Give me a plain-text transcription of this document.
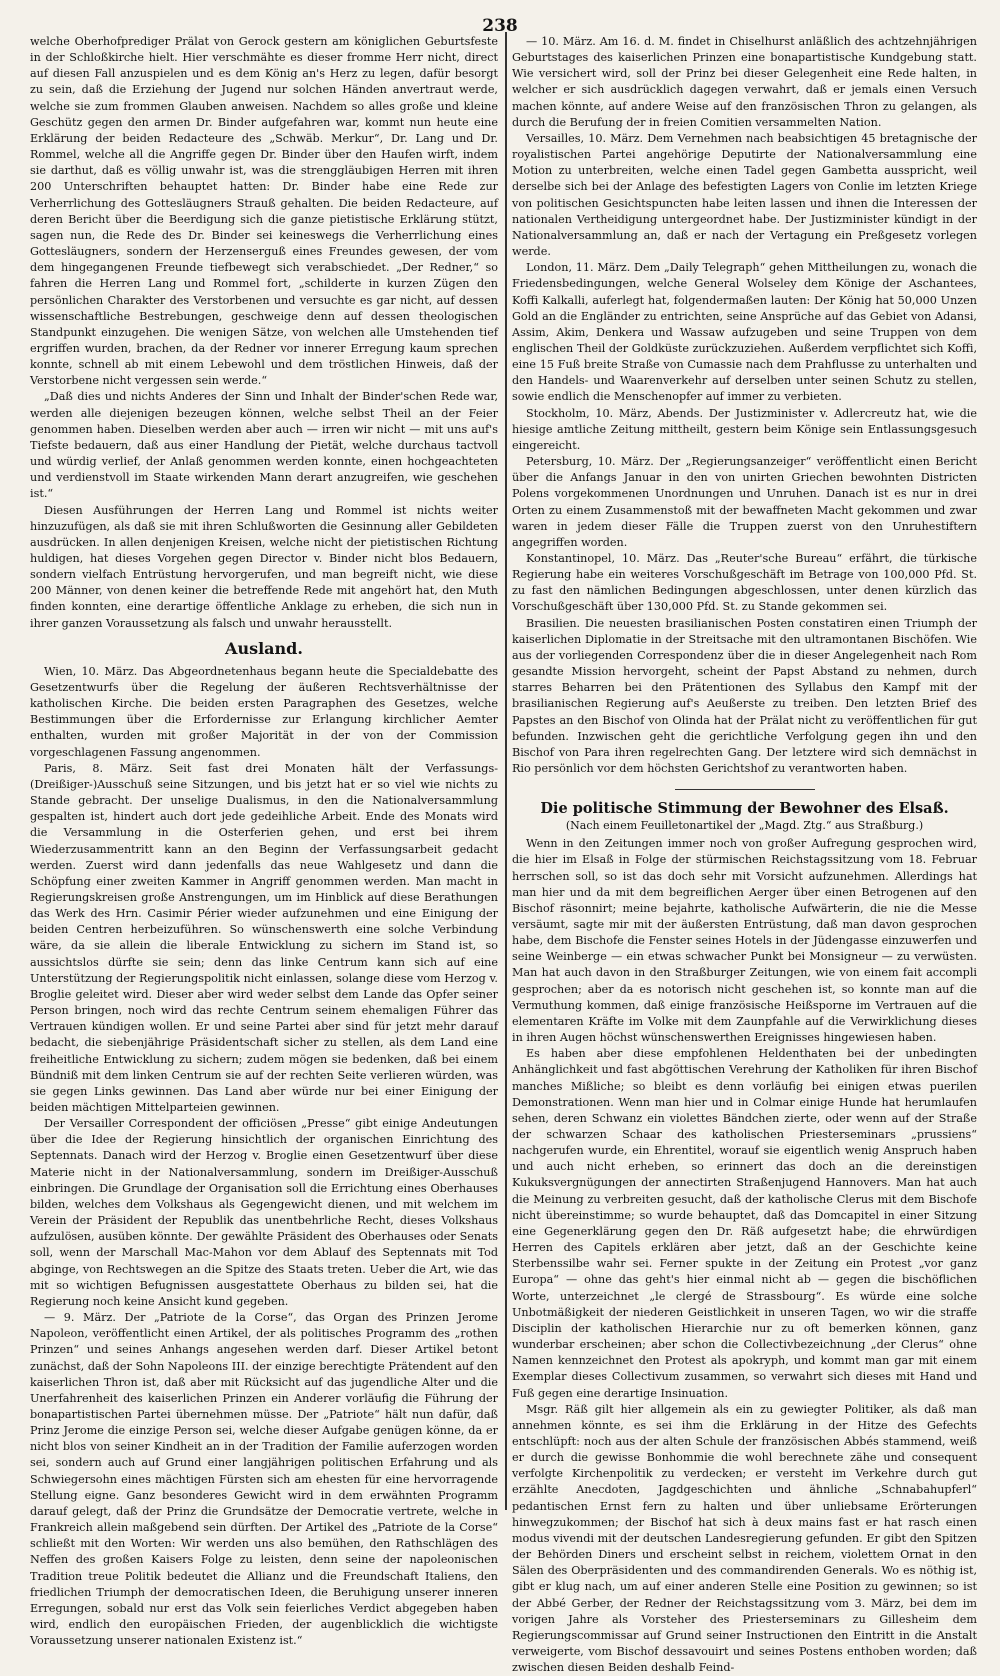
238

welche Oberhofprediger Prälat von Gerock gestern am königlichen Geburtsfeste in der Schloßkirche hielt. Hier verschmähte es dieser fromme Herr nicht, direct auf diesen Fall anzuspielen und es dem König an's Herz zu legen, dafür besorgt zu sein, daß die Erziehung der Jugend nur solchen Händen anvertraut werde, welche sie zum frommen Glauben anweisen. Nachdem so alles große und kleine Geschütz gegen den armen Dr. Binder aufgefahren war, kommt nun heute eine Erklärung der beiden Redacteure des „Schwäb. Merkur“, Dr. Lang und Dr. Rommel, welche all die Angriffe gegen Dr. Binder über den Haufen wirft, indem sie darthut, daß es völlig unwahr ist, was die strenggläubigen Herren mit ihren 200 Unterschriften behauptet hatten: Dr. Binder habe eine Rede zur Verherrlichung des Gottesläugners Strauß gehalten. Die beiden Redacteure, auf deren Bericht über die Beerdigung sich die ganze pietistische Erklärung stützt, sagen nun, die Rede des Dr. Binder sei keineswegs die Verherrlichung eines Gottesläugners, sondern der Herzenserguß eines Freundes gewesen, der vom dem hingegangenen Freunde tiefbewegt sich verabschiedet. „Der Redner,“ so fahren die Herren Lang und Rommel fort, „schilderte in kurzen Zügen den persönlichen Charakter des Verstorbenen und versuchte es gar nicht, auf dessen wissenschaftliche Bestrebungen, geschweige denn auf dessen theologischen Standpunkt einzugehen. Die wenigen Sätze, von welchen alle Umstehenden tief ergriffen wurden, brachen, da der Redner vor innerer Erregung kaum sprechen konnte, schnell ab mit einem Lebewohl und dem tröstlichen Hinweis, daß der Verstorbene nicht vergessen sein werde.“

„Daß dies und nichts Anderes der Sinn und Inhalt der Binder'schen Rede war, werden alle diejenigen bezeugen können, welche selbst Theil an der Feier genommen haben. Dieselben werden aber auch — irren wir nicht — mit uns auf's Tiefste bedauern, daß aus einer Handlung der Pietät, welche durchaus tactvoll und würdig verlief, der Anlaß genommen werden konnte, einen hochgeachteten und verdienstvoll im Staate wirkenden Mann derart anzugreifen, wie geschehen ist.“

Diesen Ausführungen der Herren Lang und Rommel ist nichts weiter hinzuzufügen, als daß sie mit ihren Schlußworten die Gesinnung aller Gebildeten ausdrücken. In allen denjenigen Kreisen, welche nicht der pietistischen Richtung huldigen, hat dieses Vorgehen gegen Director v. Binder nicht blos Bedauern, sondern vielfach Entrüstung hervorgerufen, und man begreift nicht, wie diese 200 Männer, von denen keiner die betreffende Rede mit angehört hat, den Muth finden konnten, eine derartige öffentliche Anklage zu erheben, die sich nun in ihrer ganzen Voraussetzung als falsch und unwahr herausstellt.

Ausland.

Wien, 10. März. Das Abgeordnetenhaus begann heute die Specialdebatte des Gesetzentwurfs über die Regelung der äußeren Rechtsverhältnisse der katholischen Kirche. Die beiden ersten Paragraphen des Gesetzes, welche Bestimmungen über die Erfordernisse zur Erlangung kirchlicher Aemter enthalten, wurden mit großer Majorität in der von der Commission vorgeschlagenen Fassung angenommen.

Paris, 8. März. Seit fast drei Monaten hält der Verfassungs-(Dreißiger-)Ausschuß seine Sitzungen, und bis jetzt hat er so viel wie nichts zu Stande gebracht. Der unselige Dualismus, in den die Nationalversammlung gespalten ist, hindert auch dort jede gedeihliche Arbeit. Ende des Monats wird die Versammlung in die Osterferien gehen, und erst bei ihrem Wiederzusammentritt kann an den Beginn der Verfassungsarbeit gedacht werden. Zuerst wird dann jedenfalls das neue Wahlgesetz und dann die Schöpfung einer zweiten Kammer in Angriff genommen werden. Man macht in Regierungskreisen große Anstrengungen, um im Hinblick auf diese Berathungen das Werk des Hrn. Casimir Périer wieder aufzunehmen und eine Einigung der beiden Centren herbeizuführen. So wünschenswerth eine solche Verbindung wäre, da sie allein die liberale Entwicklung zu sichern im Stand ist, so aussichtslos dürfte sie sein; denn das linke Centrum kann sich auf eine Unterstützung der Regierungspolitik nicht einlassen, solange diese vom Herzog v. Broglie geleitet wird. Dieser aber wird weder selbst dem Lande das Opfer seiner Person bringen, noch wird das rechte Centrum seinem ehemaligen Führer das Vertrauen kündigen wollen. Er und seine Partei aber sind für jetzt mehr darauf bedacht, die siebenjährige Präsidentschaft sicher zu stellen, als dem Land eine freiheitliche Entwicklung zu sichern; zudem mögen sie bedenken, daß bei einem Bündniß mit dem linken Centrum sie auf der rechten Seite verlieren würden, was sie gegen Links gewinnen. Das Land aber würde nur bei einer Einigung der beiden mächtigen Mittelparteien gewinnen.

Der Versailler Correspondent der officiösen „Presse“ gibt einige Andeutungen über die Idee der Regierung hinsichtlich der organischen Einrichtung des Septennats. Danach wird der Herzog v. Broglie einen Gesetzentwurf über diese Materie nicht in der Nationalversammlung, sondern im Dreißiger-Ausschuß einbringen. Die Grundlage der Organisation soll die Errichtung eines Oberhauses bilden, welches dem Volkshaus als Gegengewicht dienen, und mit welchem im Verein der Präsident der Republik das unentbehrliche Recht, dieses Volkshaus aufzulösen, ausüben könnte. Der gewählte Präsident des Oberhauses oder Senats soll, wenn der Marschall Mac-Mahon vor dem Ablauf des Septennats mit Tod abginge, von Rechtswegen an die Spitze des Staats treten. Ueber die Art, wie das mit so wichtigen Befugnissen ausgestattete Oberhaus zu bilden sei, hat die Regierung noch keine Ansicht kund gegeben.

— 9. März. Der „Patriote de la Corse“, das Organ des Prinzen Jerome Napoleon, veröffentlicht einen Artikel, der als politisches Programm des „rothen Prinzen“ und seines Anhangs angesehen werden darf. Dieser Artikel betont zunächst, daß der Sohn Napoleons III. der einzige berechtigte Prätendent auf den kaiserlichen Thron ist, daß aber mit Rücksicht auf das jugendliche Alter und die Unerfahrenheit des kaiserlichen Prinzen ein Anderer vorläufig die Führung der bonapartistischen Partei übernehmen müsse. Der „Patriote“ hält nun dafür, daß Prinz Jerome die einzige Person sei, welche dieser Aufgabe genügen könne, da er nicht blos von seiner Kindheit an in der Tradition der Familie auferzogen worden sei, sondern auch auf Grund einer langjährigen politischen Erfahrung und als Schwiegersohn eines mächtigen Fürsten sich am ehesten für eine hervorragende Stellung eigne. Ganz besonderes Gewicht wird in dem erwähnten Programm darauf gelegt, daß der Prinz die Grundsätze der Democratie vertrete, welche in Frankreich allein maßgebend sein dürften. Der Artikel des „Patriote de la Corse“ schließt mit den Worten: Wir werden uns also bemühen, den Rathschlägen des Neffen des großen Kaisers Folge zu leisten, denn seine der napoleonischen Tradition treue Politik bedeutet die Allianz und die Freundschaft Italiens, den friedlichen Triumph der democratischen Ideen, die Beruhigung unserer inneren Erregungen, sobald nur erst das Volk sein feierliches Verdict abgegeben haben wird, endlich den europäischen Frieden, der augenblicklich die wichtigste Voraussetzung unserer nationalen Existenz ist.“

— 10. März. Am 16. d. M. findet in Chiselhurst anläßlich des achtzehnjährigen Geburtstages des kaiserlichen Prinzen eine bonapartistische Kundgebung statt. Wie versichert wird, soll der Prinz bei dieser Gelegenheit eine Rede halten, in welcher er sich ausdrücklich dagegen verwahrt, daß er jemals einen Versuch machen könnte, auf andere Weise auf den französischen Thron zu gelangen, als durch die Berufung der in freien Comitien versammelten Nation.

Versailles, 10. März. Dem Vernehmen nach beabsichtigen 45 bretagnische der royalistischen Partei angehörige Deputirte der Nationalversammlung eine Motion zu unterbreiten, welche einen Tadel gegen Gambetta ausspricht, weil derselbe sich bei der Anlage des befestigten Lagers von Conlie im letzten Kriege von politischen Gesichtspuncten habe leiten lassen und ihnen die Interessen der nationalen Vertheidigung untergeordnet habe. Der Justizminister kündigt in der Nationalversammlung an, daß er nach der Vertagung ein Preßgesetz vorlegen werde.

London, 11. März. Dem „Daily Telegraph“ gehen Mittheilungen zu, wonach die Friedensbedingungen, welche General Wolseley dem Könige der Aschantees, Koffi Kalkalli, auferlegt hat, folgendermaßen lauten: Der König hat 50,000 Unzen Gold an die Engländer zu entrichten, seine Ansprüche auf das Gebiet von Adansi, Assim, Akim, Denkera und Wassaw aufzugeben und seine Truppen von dem englischen Theil der Goldküste zurückzuziehen. Außerdem verpflichtet sich Koffi, eine 15 Fuß breite Straße von Cumassie nach dem Prahflusse zu unterhalten und den Handels- und Waarenverkehr auf derselben unter seinen Schutz zu stellen, sowie endlich die Menschenopfer auf immer zu verbieten.

Stockholm, 10. März, Abends. Der Justizminister v. Adlercreutz hat, wie die hiesige amtliche Zeitung mittheilt, gestern beim Könige sein Entlassungsgesuch eingereicht.

Petersburg, 10. März. Der „Regierungsanzeiger“ veröffentlicht einen Bericht über die Anfangs Januar in den von unirten Griechen bewohnten Districten Polens vorgekommenen Unordnungen und Unruhen. Danach ist es nur in drei Orten zu einem Zusammenstoß mit der bewaffneten Macht gekommen und zwar waren in jedem dieser Fälle die Truppen zuerst von den Unruhestiftern angegriffen worden.

Konstantinopel, 10. März. Das „Reuter'sche Bureau“ erfährt, die türkische Regierung habe ein weiteres Vorschußgeschäft im Betrage von 100,000 Pfd. St. zu fast den nämlichen Bedingungen abgeschlossen, unter denen kürzlich das Vorschußgeschäft über 130,000 Pfd. St. zu Stande gekommen sei.

Brasilien. Die neuesten brasilianischen Posten constatiren einen Triumph der kaiserlichen Diplomatie in der Streitsache mit den ultramontanen Bischöfen. Wie aus der vorliegenden Correspondenz über die in dieser Angelegenheit nach Rom gesandte Mission hervorgeht, scheint der Papst Abstand zu nehmen, durch starres Beharren bei den Prätentionen des Syllabus den Kampf mit der brasilianischen Regierung auf's Aeußerste zu treiben. Den letzten Brief des Papstes an den Bischof von Olinda hat der Prälat nicht zu veröffentlichen für gut befunden. Inzwischen geht die gerichtliche Verfolgung gegen ihn und den Bischof von Para ihren regelrechten Gang. Der letztere wird sich demnächst in Rio persönlich vor dem höchsten Gerichtshof zu verantworten haben.

Die politische Stimmung der Bewohner des Elsaß.
(Nach einem Feuilletonartikel der „Magd. Ztg.“ aus Straßburg.)

Wenn in den Zeitungen immer noch von großer Aufregung gesprochen wird, die hier im Elsaß in Folge der stürmischen Reichstagssitzung vom 18. Februar herrschen soll, so ist das doch sehr mit Vorsicht aufzunehmen. Allerdings hat man hier und da mit dem begreiflichen Aerger über einen Betrogenen auf den Bischof räsonnirt; meine bejahrte, katholische Aufwärterin, die nie die Messe versäumt, sagte mir mit der äußersten Entrüstung, daß man davon gesprochen habe, dem Bischofe die Fenster seines Hotels in der Jüdengasse einzuwerfen und seine Weinberge — ein etwas schwacher Punkt bei Monsigneur — zu verwüsten. Man hat auch davon in den Straßburger Zeitungen, wie von einem fait accompli gesprochen; aber da es notorisch nicht geschehen ist, so konnte man auf die Vermuthung kommen, daß einige französische Heißsporne im Vertrauen auf die elementaren Kräfte im Volke mit dem Zaunpfahle auf die Verwirklichung dieses in ihren Augen höchst wünschenswerthen Ereignisses hingewiesen haben.

Es haben aber diese empfohlenen Heldenthaten bei der unbedingten Anhänglichkeit und fast abgöttischen Verehrung der Katholiken für ihren Bischof manches Mißliche; so bleibt es denn vorläufig bei einigen etwas puerilen Demonstrationen. Wenn man hier und in Colmar einige Hunde hat herumlaufen sehen, deren Schwanz ein violettes Bändchen zierte, oder wenn auf der Straße der schwarzen Schaar des katholischen Priesterseminars „prussiens“ nachgerufen wurde, ein Ehrentitel, worauf sie eigentlich wenig Anspruch haben und auch nicht erheben, so erinnert das doch an die dereinstigen Kukuksvergnügungen der annectirten Straßenjugend Hannovers. Man hat auch die Meinung zu verbreiten gesucht, daß der katholische Clerus mit dem Bischofe nicht übereinstimme; so wurde behauptet, daß das Domcapitel in einer Sitzung eine Gegenerklärung gegen den Dr. Räß aufgesetzt habe; die ehrwürdigen Herren des Capitels erklären aber jetzt, daß an der Geschichte keine Sterbenssilbe wahr sei. Ferner spukte in der Zeitung ein Protest „vor ganz Europa“ — ohne das geht's hier einmal nicht ab — gegen die bischöflichen Worte, unterzeichnet „le clergé de Strassbourg“. Es würde eine solche Unbotmäßigkeit der niederen Geistlichkeit in unseren Tagen, wo wir die straffe Disciplin der katholischen Hierarchie nur zu oft bemerken können, ganz wunderbar erscheinen; aber schon die Collectivbezeichnung „der Clerus“ ohne Namen kennzeichnet den Protest als apokryph, und kommt man gar mit einem Exemplar dieses Collectivum zusammen, so verwahrt sich dieses mit Hand und Fuß gegen eine derartige Insinuation.

Msgr. Räß gilt hier allgemein als ein zu gewiegter Politiker, als daß man annehmen könnte, es sei ihm die Erklärung in der Hitze des Gefechts entschlüpft: noch aus der alten Schule der französischen Abbés stammend, weiß er durch die gewisse Bonhommie die wohl berechnete zähe und consequent verfolgte Kirchenpolitik zu verdecken; er versteht im Verkehre durch gut erzählte Anecdoten, Jagdgeschichten und ähnliche „Schnabahupferl“ pedantischen Ernst fern zu halten und über unliebsame Erörterungen hinwegzukommen; der Bischof hat sich à deux mains fast er hat rasch einen modus vivendi mit der deutschen Landesregierung gefunden. Er gibt den Spitzen der Behörden Diners und erscheint selbst in reichem, violettem Ornat in den Sälen des Oberpräsidenten und des commandirenden Generals. Wo es nöthig ist, gibt er klug nach, um auf einer anderen Stelle eine Position zu gewinnen; so ist der Abbé Gerber, der Redner der Reichstagssitzung vom 3. März, bei dem im vorigen Jahre als Vorsteher des Priesterseminars zu Gillesheim dem Regierungscommissar auf Grund seiner Instructionen den Eintritt in die Anstalt verweigerte, vom Bischof dessavouirt und seines Postens enthoben worden; daß zwischen diesen Beiden deshalb Feind-
